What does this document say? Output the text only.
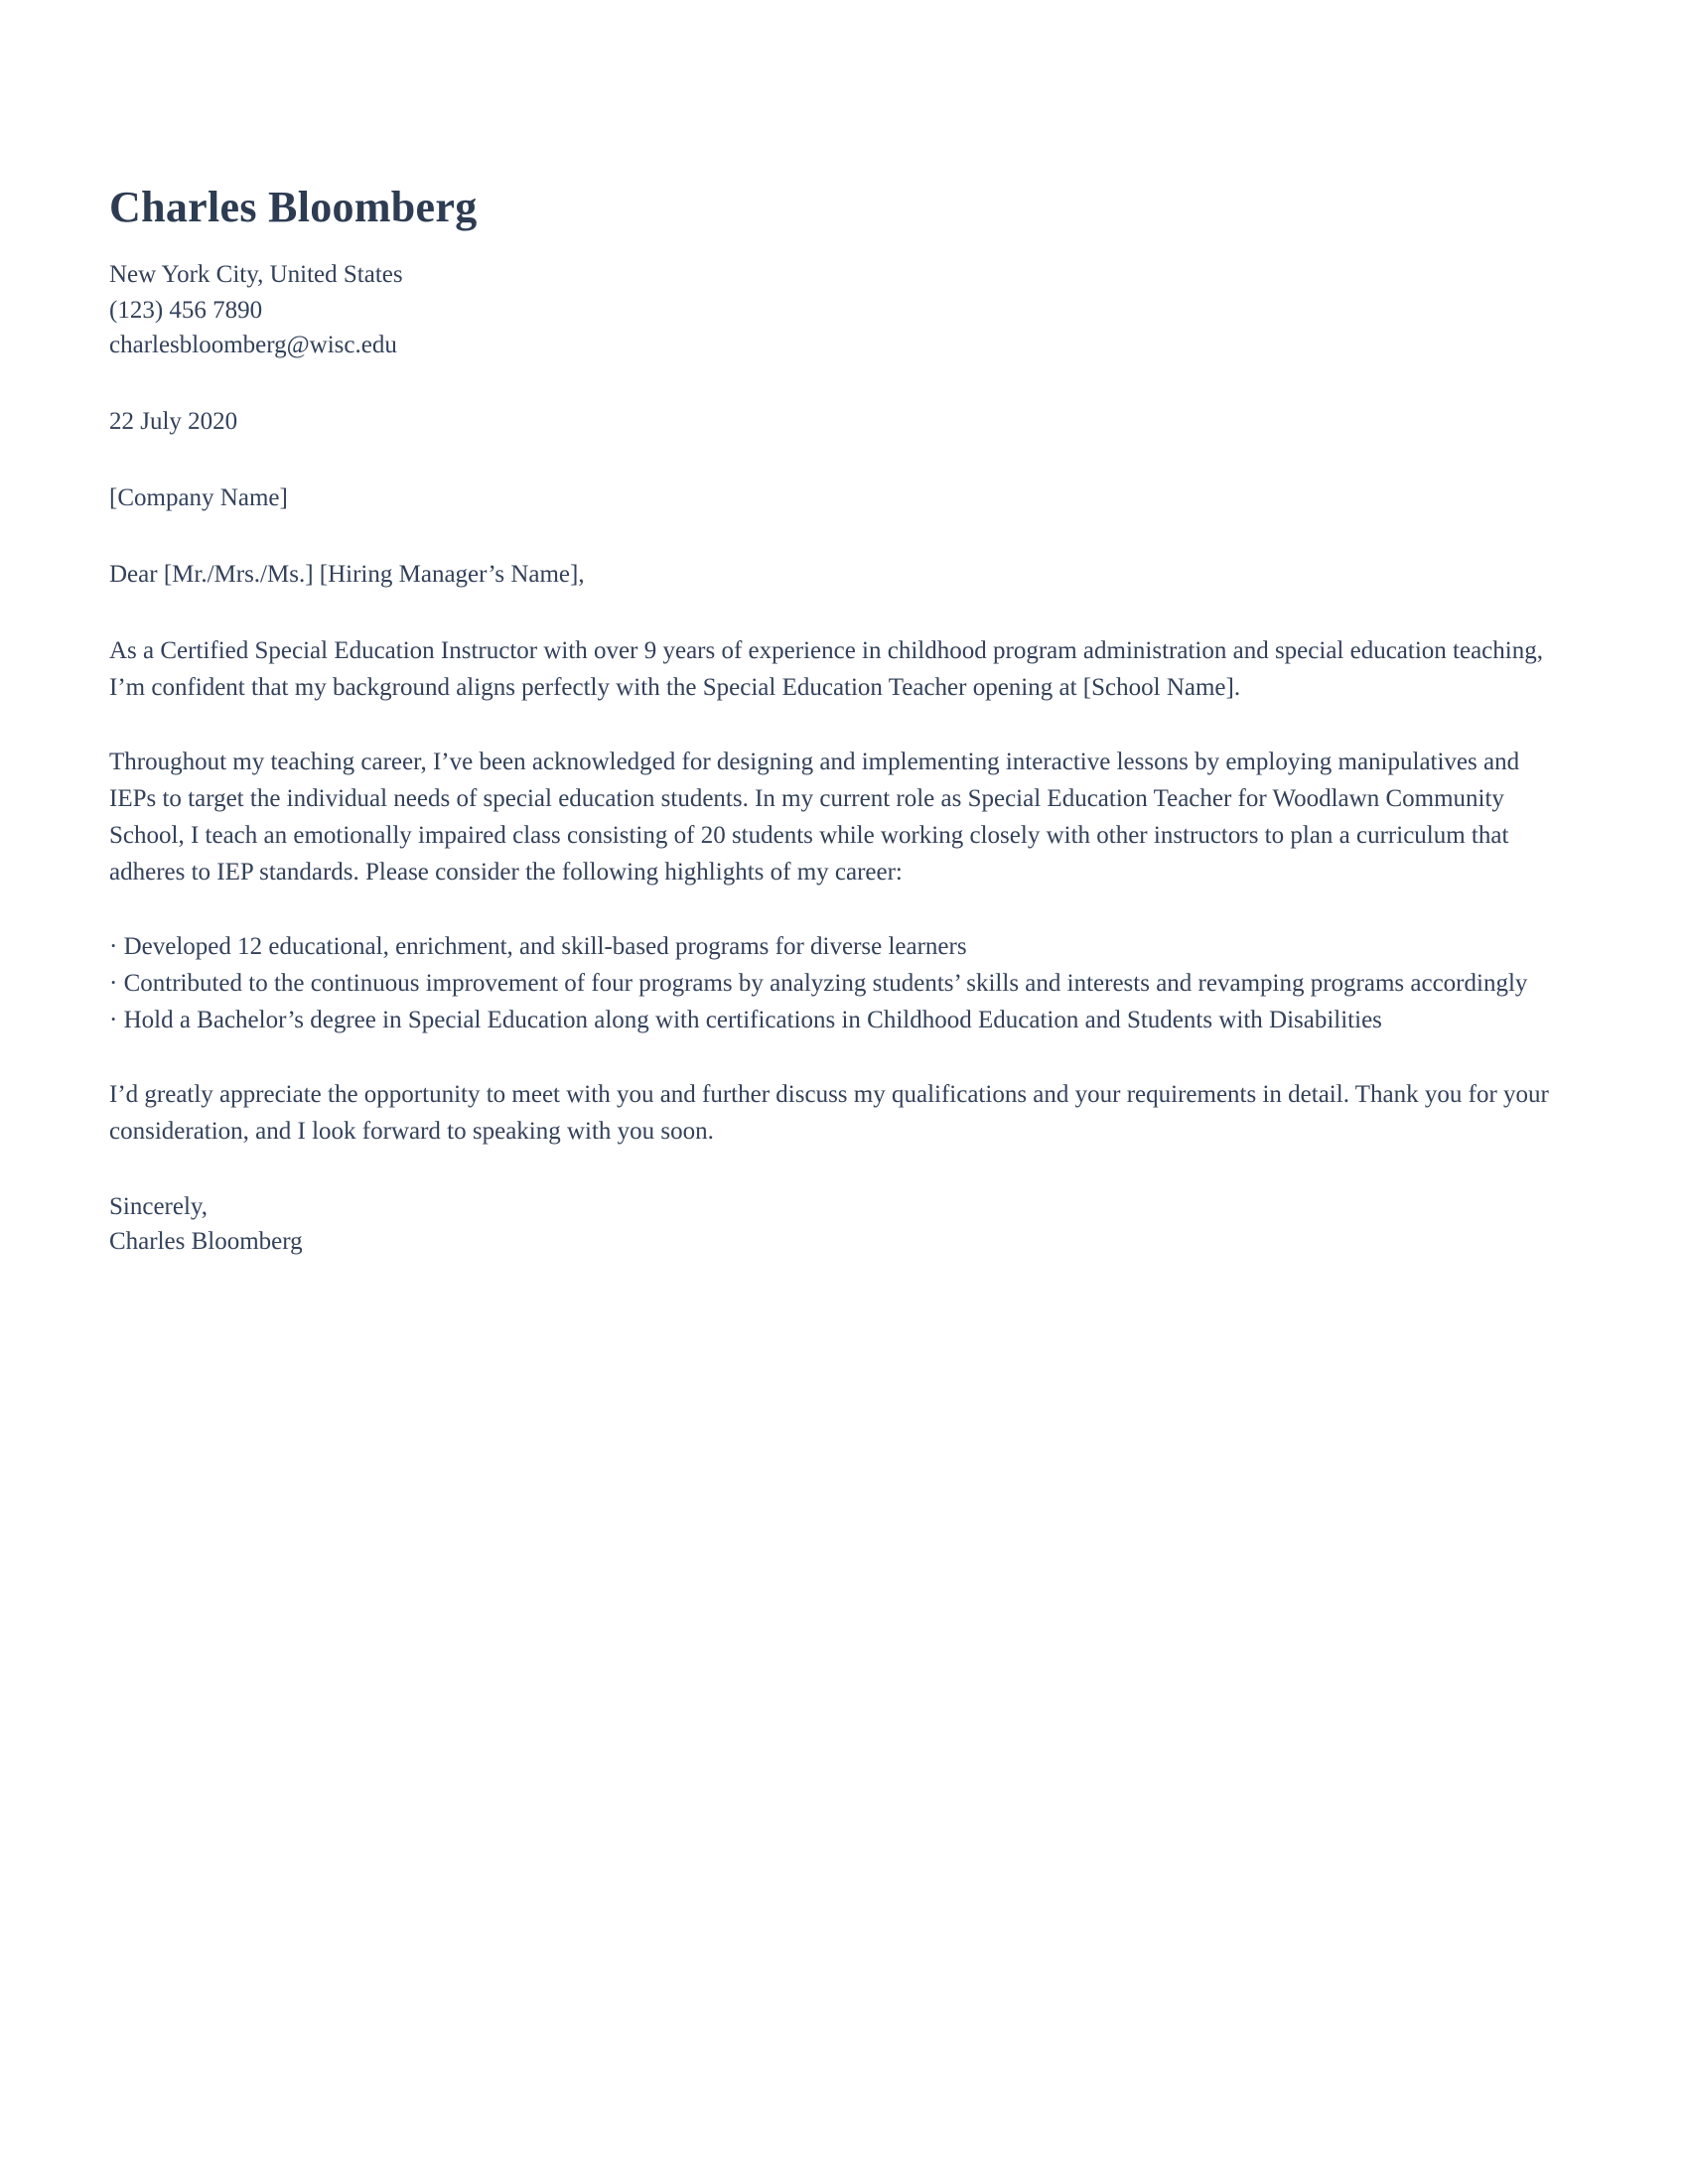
Charles Bloomberg

New York City, United States

(123) 456 7890

charlesbloomberg@wisc.edu

22 July 2020

[Company Name]

Dear [Mr./Mrs./Ms.] [Hiring Manager’s Name],

As a Certified Special Education Instructor with over 9 years of experience in childhood program administration and special education teaching, I’m confident that my background aligns perfectly with the Special Education Teacher opening at [School Name].

Throughout my teaching career, I’ve been acknowledged for designing and implementing interactive lessons by employing manipulatives and IEPs to target the individual needs of special education students. In my current role as Special Education Teacher for Woodlawn Community School, I teach an emotionally impaired class consisting of 20 students while working closely with other instructors to plan a curriculum that adheres to IEP standards. Please consider the following highlights of my career:

· Developed 12 educational, enrichment, and skill-based programs for diverse learners

· Contributed to the continuous improvement of four programs by analyzing students’ skills and interests and revamping programs accordingly

· Hold a Bachelor’s degree in Special Education along with certifications in Childhood Education and Students with Disabilities

I’d greatly appreciate the opportunity to meet with you and further discuss my qualifications and your requirements in detail. Thank you for your consideration, and I look forward to speaking with you soon.

Sincerely,

Charles Bloomberg
